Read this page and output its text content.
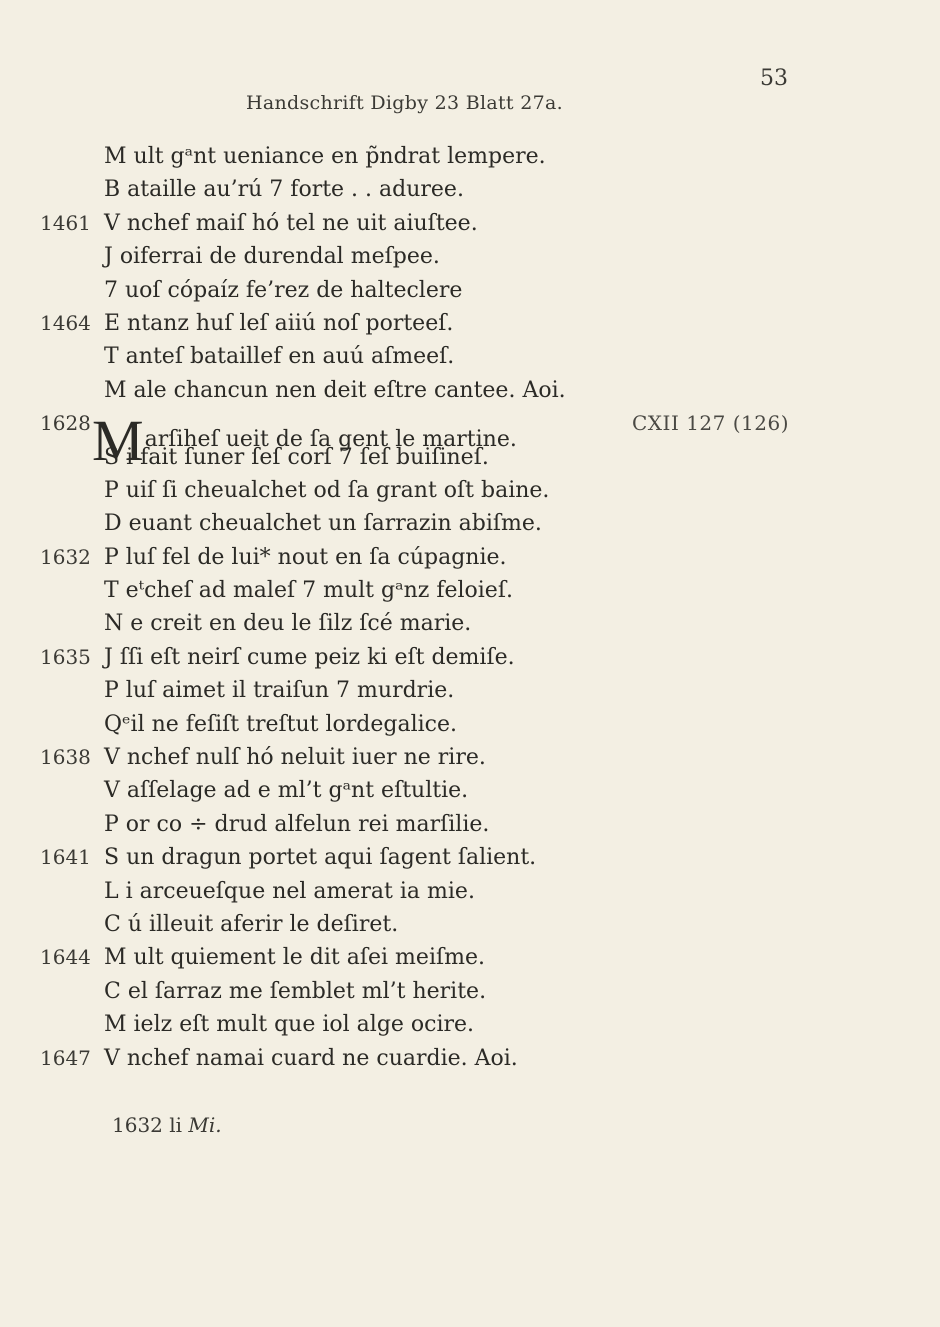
53
Handschrift Digby 23 Blatt 27a.
M ult gᵃnt ueniance en p̃ndrat lempere.
B ataille au’rú 7 forte . . aduree.
1461 V nchef maiſ hó tel ne uit aiuſtee.
J oiferrai de durendal meſpee.
7 uoſ cópaíz fe’rez de halteclere
1464 E ntanz huſ leſ aiiú noſ porteeſ.
T anteſ bataillef en auú aſmeeſ.
M ale chancun nen deit eſtre cantee. Aoi.
1628 Marſiheſ ueit de ſa gent le martine.
CXII 127 (126)
S i fait ſuner ſeſ corſ 7 ſeſ buiſineſ.
P uiſ ſi cheualchet od ſa grant oſt baine.
D euant cheualchet un ſarrazin abiſme.
1632 P luſ fel de lui* nout en ſa cúpagnie.
T eᵗcheſ ad maleſ 7 mult gᵃnz feloieſ.
N e creit en deu le ſilz ſcé marie.
1635 J ſſi eſt neirſ cume peiz ki eſt demiſe.
P luſ aimet il traiſun 7 murdrie.
Qᵉil ne feſiſt treſtut lordegalice.
1638 V nchef nulſ hó neluit iuer ne rire.
V aſſelage ad e ml’t gᵃnt eſtultie.
P or co ÷ drud alfelun rei marſilie.
1641 S un dragun portet aqui ſagent ſalient.
L i arceueſque nel amerat ia mie.
C ú illeuit aferir le deſiret.
1644 M ult quiement le dit aſei meiſme.
C el ſarraz me ſemblet ml’t herite.
M ielz eſt mult que iol alge ocire.
1647 V nchef namai cuard ne cuardie. Aoi.
1632 li Mi.
